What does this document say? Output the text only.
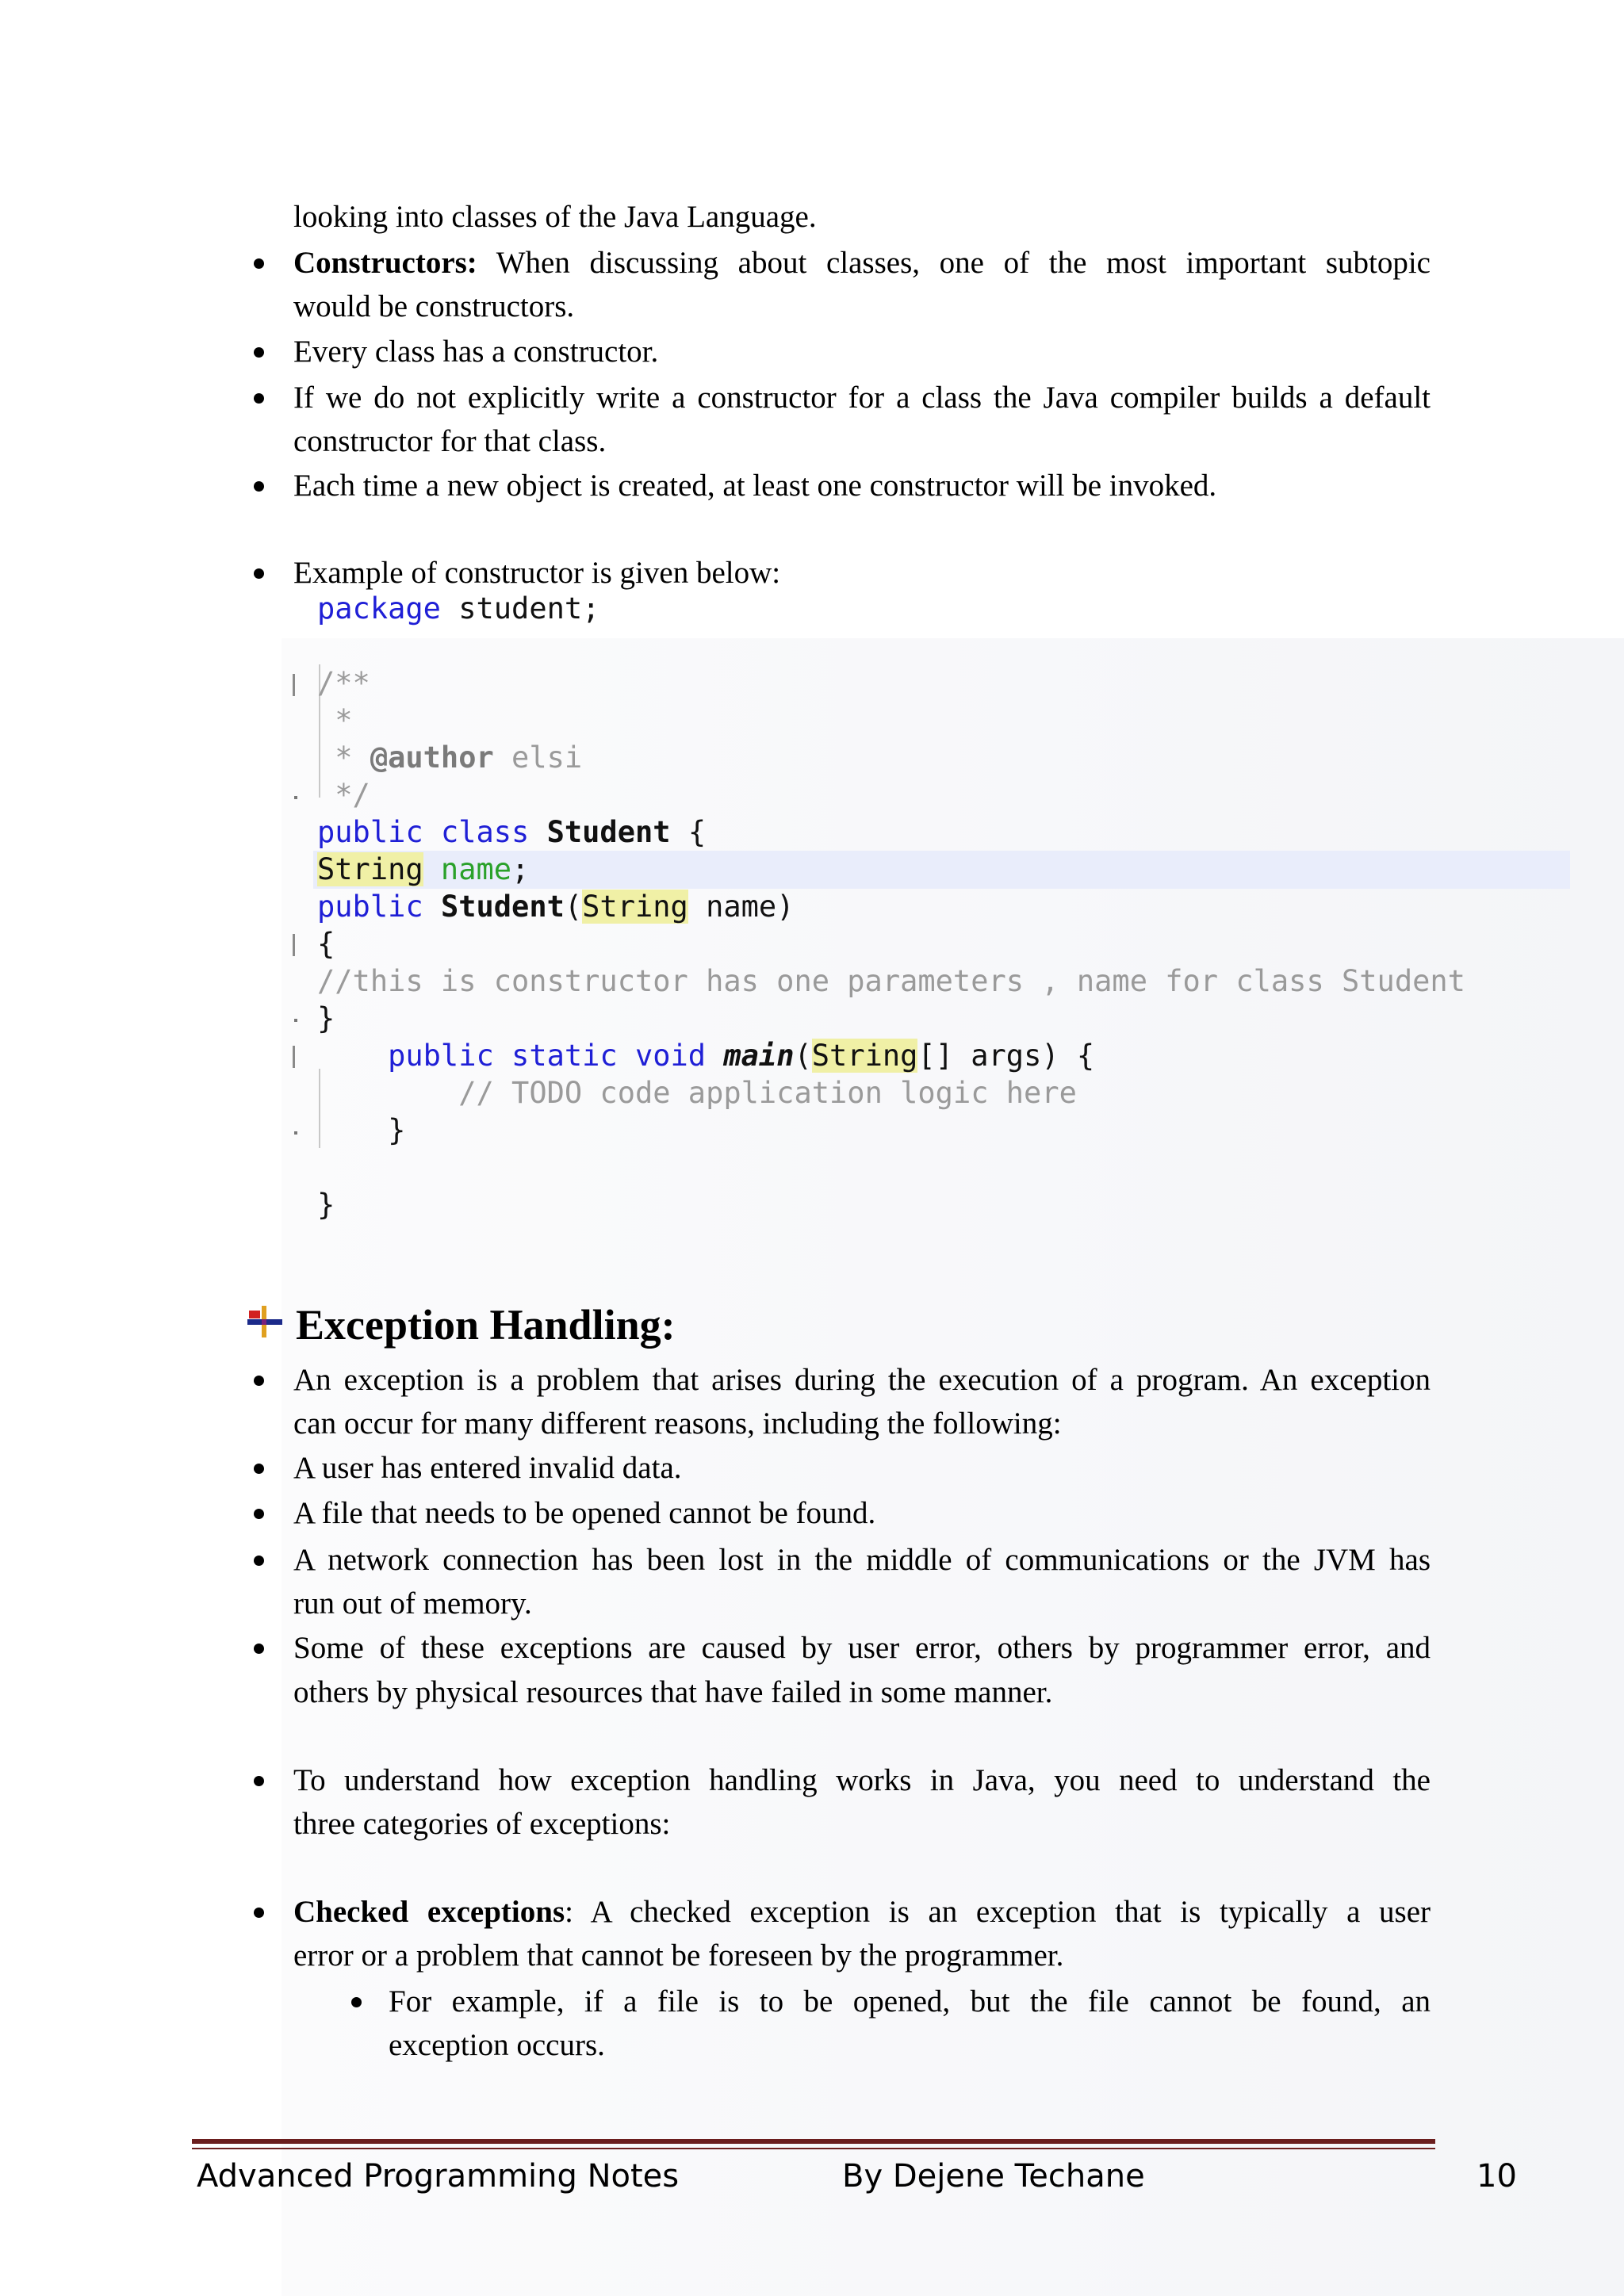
looking into classes of the Java Language.
Constructors: When discussing about classes, one of the most important subtopic
would be constructors.
Every class has a constructor.
If we do not explicitly write a constructor for a class the Java compiler builds a default
constructor for that class.
Each time a new object is created, at least one constructor will be invoked.
Example of constructor is given below:
package student;
/**
*
* @author elsi
*/
public class Student {
String name;
public Student(String name)
{
//this is constructor has one parameters , name for class Student
}
public static void main(String[] args) {
// TODO code application logic here
}
}
Exception Handling:
An exception is a problem that arises during the execution of a program. An exception
can occur for many different reasons, including the following:
A user has entered invalid data.
A file that needs to be opened cannot be found.
A network connection has been lost in the middle of communications or the JVM has
run out of memory.
Some of these exceptions are caused by user error, others by programmer error, and
others by physical resources that have failed in some manner.
To understand how exception handling works in Java, you need to understand the
three categories of exceptions:
Checked exceptions: A checked exception is an exception that is typically a user
error or a problem that cannot be foreseen by the programmer.
For example, if a file is to be opened, but the file cannot be found, an
exception occurs.
Advanced Programming Notes	By Dejene Techane	10
